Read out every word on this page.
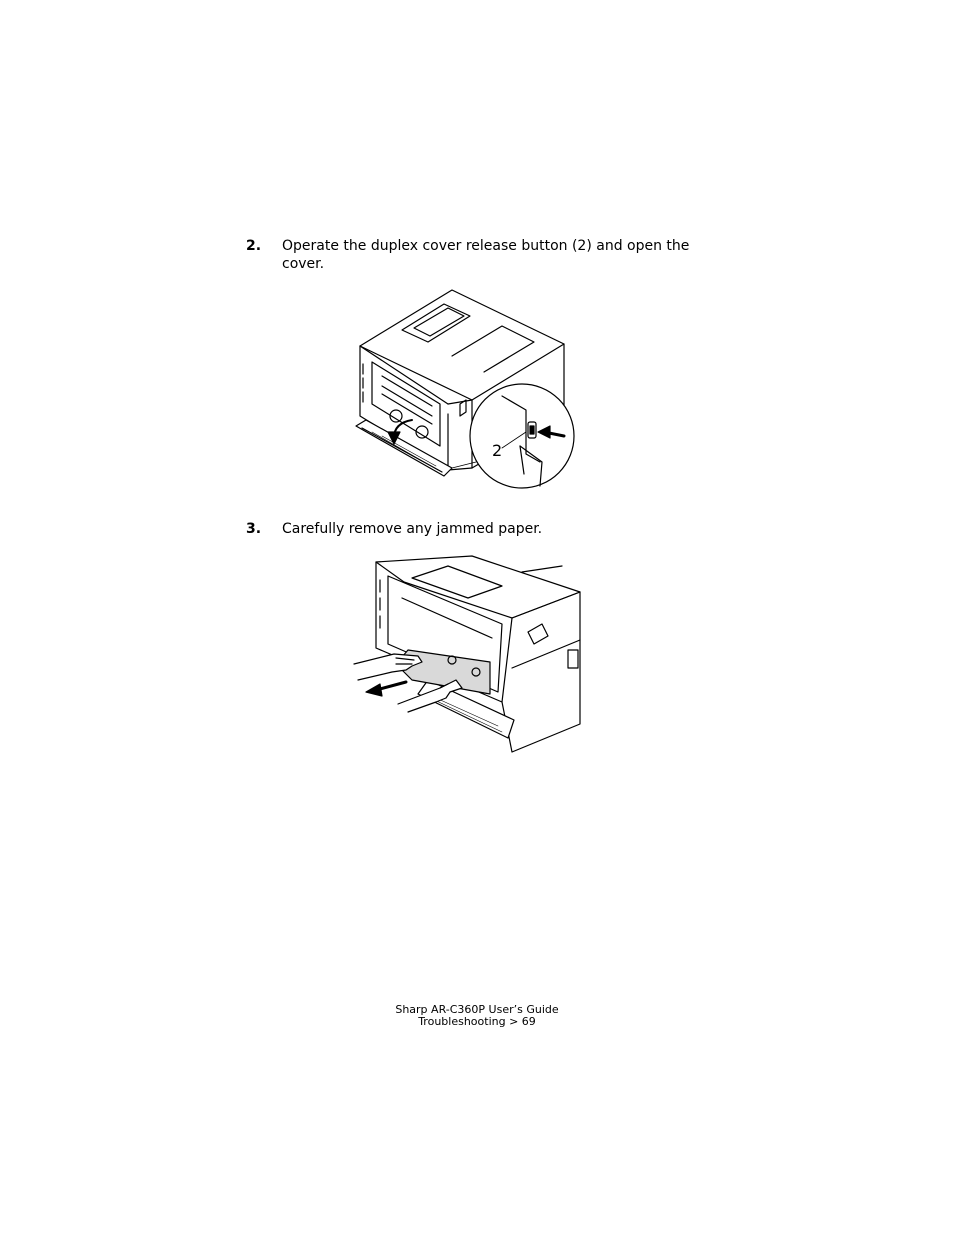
2. Operate the duplex cover release button (2) and open the cover.
2
3. Carefully remove any jammed paper.
Sharp AR-C360P User’s Guide
Troubleshooting > 69
